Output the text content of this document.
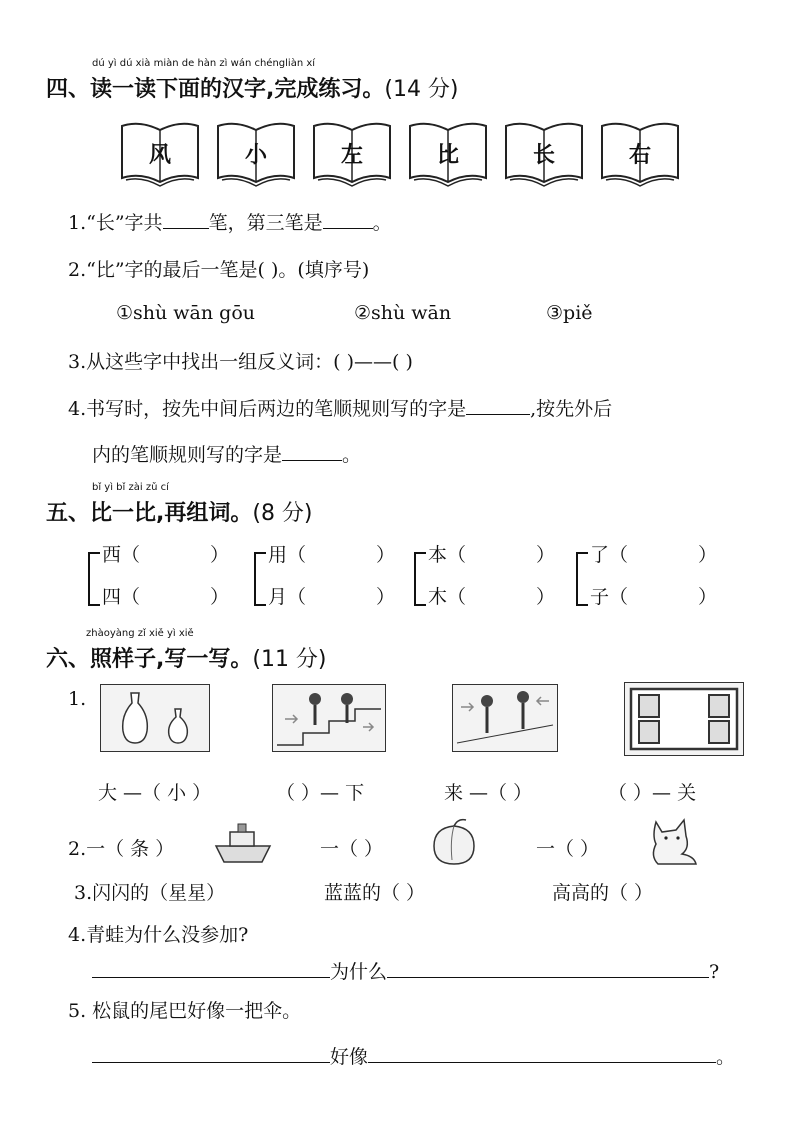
dú yì dú xià miàn de hàn zì wán chéngliàn xí
四、读一读下面的汉字,完成练习。(14 分)
风	小	左	比	长	右
1.“长”字共 笔，第三笔是	。
2.“比”字的最后一笔是( )。(填序号)
①shù wān gōu	②shù wān	③piě
3.从这些字中找出一组反义词：( )——( )
4.书写时，按先中间后两边的笔顺规则写的字是	,按先外后
内的笔顺规则写的字是	。
bǐ yì bǐ zài zǔ cí
五、比一比,再组词。(8 分)
西（	）
四（	）
用（	）
月（	）
本（	）
木（	）
了（	）
子（	）
zhàoyàng zǐ xiě yì xiě
六、照样子,写一写。(11 分)
1.
大 —（ 小 ）	（ ）— 下	来 —（ ）	（ ）— 关
2.一（ 条 ）	一（ ）	一（ ）
3.闪闪的（星星）	蓝蓝的（ ）	高高的（ ）
4.青蛙为什么没参加?
为什么	?
5. 松鼠的尾巴好像一把伞。
好像	。
